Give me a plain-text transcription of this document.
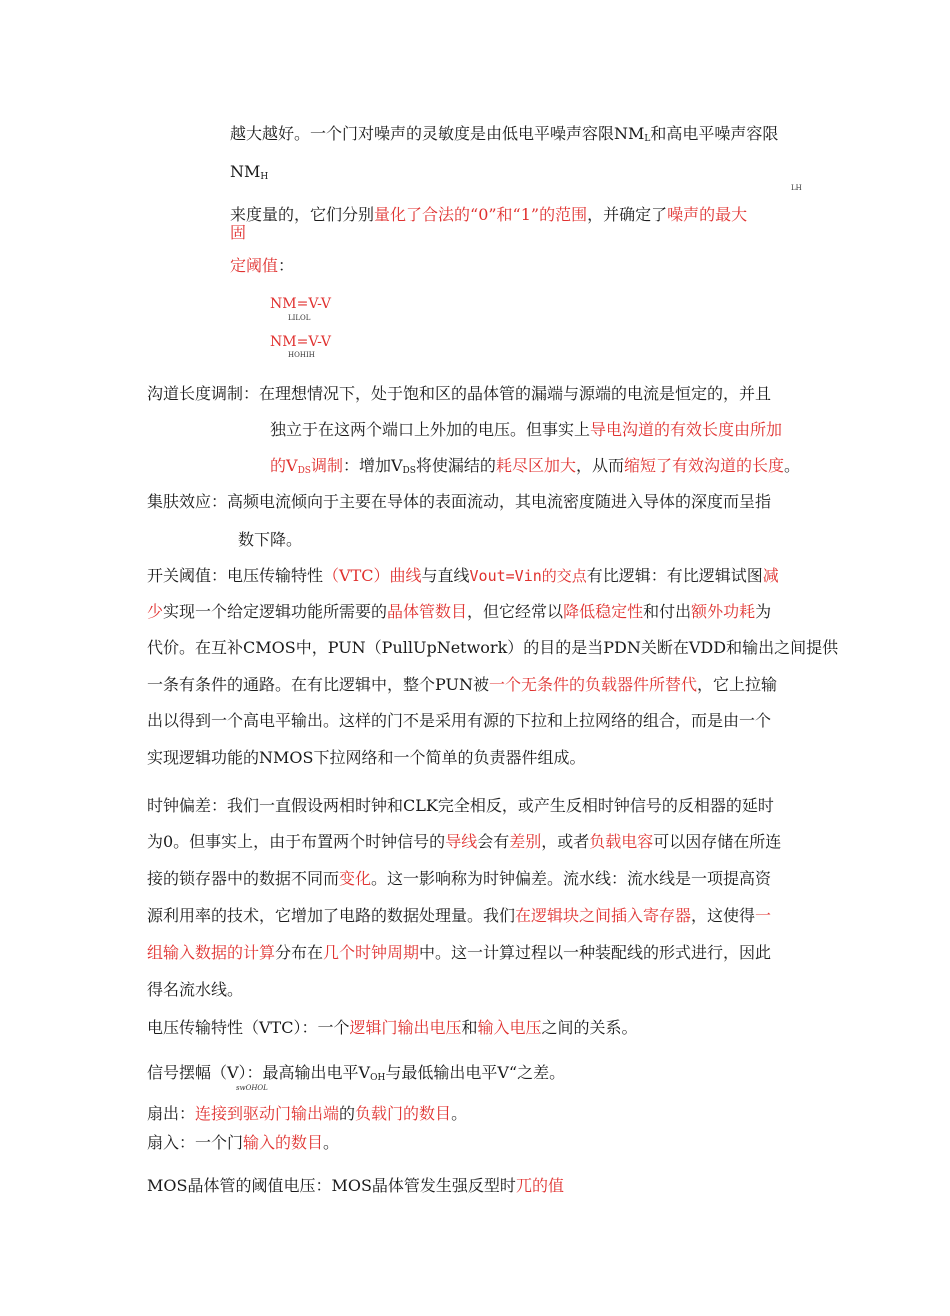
越大越好。一个门对噪声的灵敏度是由低电平噪声容限$NM_L$和高电平噪声容限
$NM_H$
LH
来度量的，它们分别量化了合法的“0”和“1”的范围，并确定了噪声的最大
固
定阈值：
NM=V-V
LILOL
NM=V-V
HOHIH
沟道长度调制：在理想情况下，处于饱和区的晶体管的漏端与源端的电流是恒定的，并且
独立于在这两个端口上外加的电压。但事实上导电沟道的有效长度由所加
的$V_{DS}$调制：增加$V_{DS}$将使漏结的耗尽区加大，从而缩短了有效沟道的长度。
集肤效应：高频电流倾向于主要在导体的表面流动，其电流密度随进入导体的深度而呈指
数下降。
开关阈值：电压传输特性（VTC）曲线与直线Vout=Vin的交点有比逻辑：有比逻辑试图减
少实现一个给定逻辑功能所需要的晶体管数目，但它经常以降低稳定性和付出额外功耗为
代价。在互补CMOS中，PUN（PullUpNetwork）的目的是当PDN关断在VDD和输出之间提供
一条有条件的通路。在有比逻辑中，整个PUN被一个无条件的负载器件所替代，它上拉输
出以得到一个高电平输出。这样的门不是采用有源的下拉和上拉网络的组合，而是由一个
实现逻辑功能的NMOS下拉网络和一个简单的负责器件组成。
时钟偏差：我们一直假设两相时钟和CLK完全相反，或产生反相时钟信号的反相器的延时
为0。但事实上，由于布置两个时钟信号的导线会有差别，或者负载电容可以因存储在所连
接的锁存器中的数据不同而变化。这一影响称为时钟偏差。流水线：流水线是一项提高资
源利用率的技术，它增加了电路的数据处理量。我们在逻辑块之间插入寄存器，这使得一
组输入数据的计算分布在几个时钟周期中。这一计算过程以一种装配线的形式进行，因此
得名流水线。
电压传输特性（VTC）：一个逻辑门输出电压和输入电压之间的关系。
信号摆幅（V）：最高输出电平$V_{OH}$与最低输出电平V“之差。
swOHOL
扇出：连接到驱动门输出端的负载门的数目。
扇入：一个门输入的数目。
MOS晶体管的阈值电压：MOS晶体管发生强反型时兀的值
